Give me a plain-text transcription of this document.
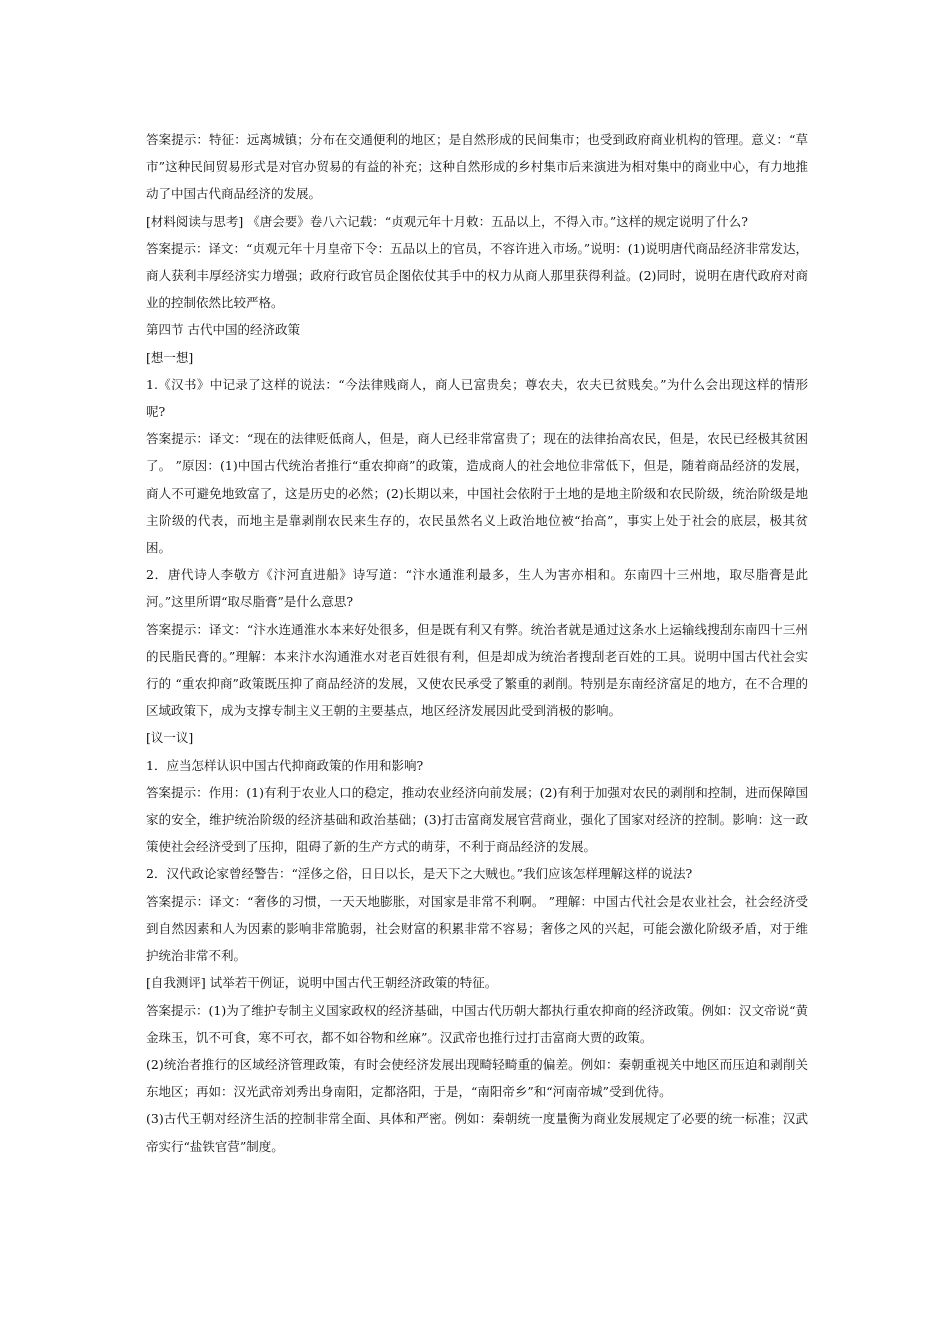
答案提示：特征：远离城镇；分布在交通便利的地区；是自然形成的民间集市；也受到政府商业机构的管理。意义：“草市”这种民间贸易形式是对官办贸易的有益的补充；这种自然形成的乡村集市后来演进为相对集中的商业中心，有力地推动了中国古代商品经济的发展。

[材料阅读与思考] 《唐会要》卷八六记载：“贞观元年十月敕：五品以上，不得入市。”这样的规定说明了什么?

答案提示：译文：“贞观元年十月皇帝下令：五品以上的官员，不容许进入市场。”说明：(1)说明唐代商品经济非常发达，商人获利丰厚经济实力增强；政府行政官员企图依仗其手中的权力从商人那里获得利益。(2)同时，说明在唐代政府对商业的控制依然比较严格。

第四节 古代中国的经济政策

[想一想]

1.《汉书》中记录了这样的说法：“今法律贱商人，商人已富贵矣；尊农夫，农夫已贫贱矣。”为什么会出现这样的情形呢?

答案提示：译文：“现在的法律贬低商人，但是，商人已经非常富贵了；现在的法律抬高农民，但是，农民已经极其贫困了。 ”原因：(1)中国古代统治者推行“重农抑商”的政策，造成商人的社会地位非常低下，但是，随着商品经济的发展，商人不可避免地致富了，这是历史的必然；(2)长期以来，中国社会依附于土地的是地主阶级和农民阶级，统治阶级是地主阶级的代表，而地主是靠剥削农民来生存的，农民虽然名义上政治地位被“抬高”，事实上处于社会的底层，极其贫困。

2．唐代诗人李敬方《汴河直进船》诗写道：“汴水通淮利最多，生人为害亦相和。东南四十三州地，取尽脂膏是此河。”这里所谓“取尽脂膏”是什么意思?

答案提示：译文：“汴水连通淮水本来好处很多，但是既有利又有弊。统治者就是通过这条水上运输线搜刮东南四十三州的民脂民膏的。”理解：本来汴水沟通淮水对老百姓很有利，但是却成为统治者搜刮老百姓的工具。说明中国古代社会实行的 “重农抑商”政策既压抑了商品经济的发展，又使农民承受了繁重的剥削。特别是东南经济富足的地方，在不合理的区域政策下，成为支撑专制主义王朝的主要基点，地区经济发展因此受到消极的影响。

[议一议]

1．应当怎样认识中国古代抑商政策的作用和影响?

答案提示：作用：(1)有利于农业人口的稳定，推动农业经济向前发展；(2)有利于加强对农民的剥削和控制，进而保障国家的安全，维护统治阶级的经济基础和政治基础；(3)打击富商发展官营商业，强化了国家对经济的控制。影响：这一政策使社会经济受到了压抑，阻碍了新的生产方式的萌芽，不利于商品经济的发展。

2．汉代政论家曾经警告：“淫侈之俗，日日以长，是天下之大贼也。”我们应该怎样理解这样的说法?

答案提示：译文：“奢侈的习惯，一天天地膨胀，对国家是非常不利啊。 ”理解：中国古代社会是农业社会，社会经济受到自然因素和人为因素的影响非常脆弱，社会财富的积累非常不容易；奢侈之风的兴起，可能会激化阶级矛盾，对于维护统治非常不利。

[自我测评] 试举若干例证，说明中国古代王朝经济政策的特征。

答案提示：(1)为了维护专制主义国家政权的经济基础，中国古代历朝大都执行重农抑商的经济政策。例如：汉文帝说“黄金珠玉，饥不可食，寒不可衣，都不如谷物和丝麻”。汉武帝也推行过打击富商大贾的政策。

(2)统治者推行的区域经济管理政策，有时会使经济发展出现畸轻畸重的偏差。例如：秦朝重视关中地区而压迫和剥削关东地区；再如：汉光武帝刘秀出身南阳，定都洛阳，于是，“南阳帝乡”和“河南帝城”受到优待。

(3)古代王朝对经济生活的控制非常全面、具体和严密。例如：秦朝统一度量衡为商业发展规定了必要的统一标准；汉武帝实行“盐铁官营”制度。
